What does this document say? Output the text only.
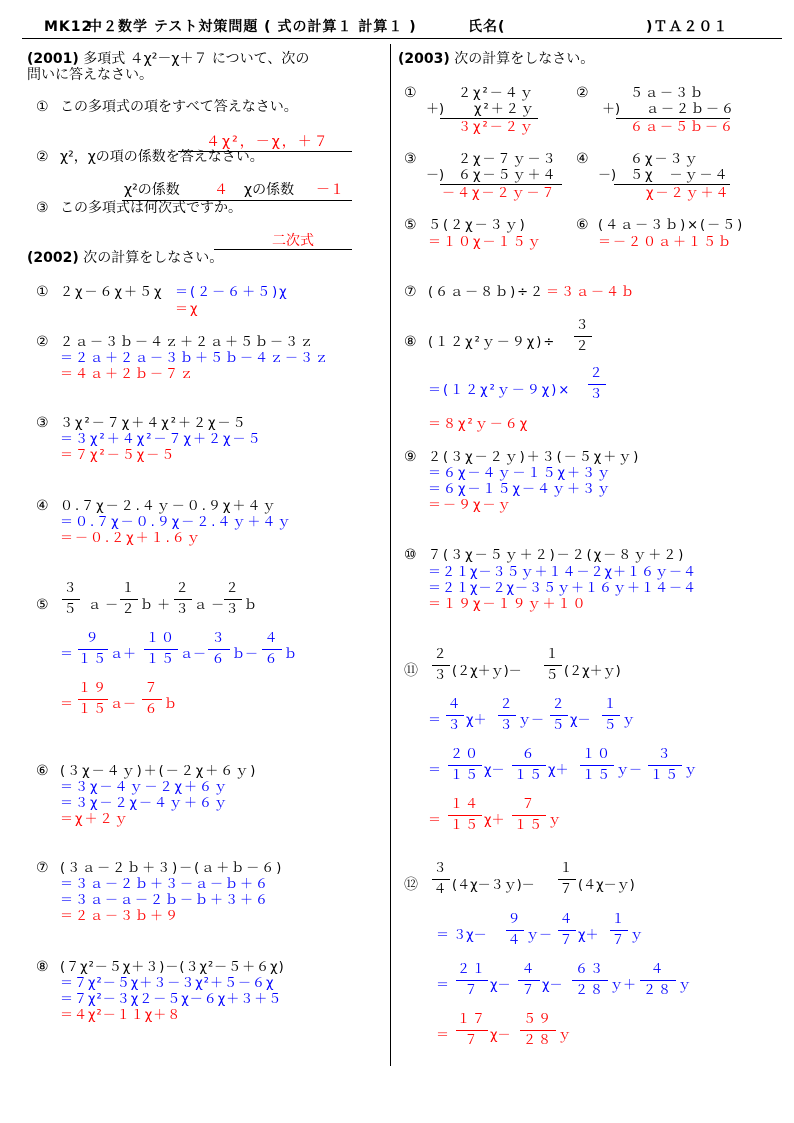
MK12
中２数学 テスト対策問題 ( 式の計算１ 計算１ )	氏名(	)ＴＡ２０１
(2001) 多項式 ４χ²－χ＋７ について、次の
問いに答えなさい。
① この多項式の項をすべて答えなさい。
４χ²，－χ，＋７
② χ²，χの項の係数を答えなさい。
χ²の係数 ４ χの係数 －１
③ この多項式は何次式ですか。
二次式
(2002) 次の計算をしなさい。
① ２χ－６χ＋５χ ＝(２－６＋５)χ
＝χ
② ２ａ－３ｂ－４ｚ＋２ａ＋５ｂ－３ｚ
＝２ａ＋２ａ－３ｂ＋５ｂ－４ｚ－３ｚ
＝４ａ＋２ｂ－７ｚ
③ ３χ²－７χ＋４χ²＋２χ－５
＝３χ²＋４χ²－７χ＋２χ－５
＝７χ²－５χ－５
④ ０.７χ－２.４ｙ－０.９χ＋４ｙ
＝０.７χ－０.９χ－２.４ｙ＋４ｙ
＝－０.２χ＋１.６ｙ
⑤
３
５ ａ －
１
２ ｂ ＋
２
３ ａ －
２
３ ｂ
＝
９
１５ ａ＋
１０
１５ ａ－
３
６ ｂ－
４
６ ｂ
＝
１９
１５ ａ－
７
６ ｂ
⑥ (３χ－４ｙ)＋(－２χ＋６ｙ)
＝３χ－４ｙ－２χ＋６ｙ
＝３χ－２χ－４ｙ＋６ｙ
＝χ＋２ｙ
⑦ (３ａ－２ｂ＋３)－(ａ＋ｂ－６)
＝３ａ－２ｂ＋３－ａ－ｂ＋６
＝３ａ－ａ－２ｂ－ｂ＋３＋６
＝２ａ－３ｂ＋９
⑧ (７χ²－５χ＋３)－(３χ²－５＋６χ)
＝７χ²－５χ＋３－３χ²＋５－６χ
＝７χ²－３χ２－５χ－６χ＋３＋５
＝４χ²－１１χ＋８
(2003) 次の計算をしなさい。
①	２χ²－４ｙ
＋) χ²＋２ｙ
３χ²－２ｙ
②	５ａ－３ｂ
＋) ａ－２ｂ－６
６ａ－５ｂ－６
③	２χ－７ｙ－３
－) ６χ－５ｙ＋４
－４χ－２ｙ－７
④	６χ－３ｙ
－) ５χ　－ｙ－４
χ－２ｙ＋４
⑤ ５(２χ－３ｙ)
＝１０χ－１５ｙ
⑥ (４ａ－３ｂ)×(－５)
＝－２０ａ＋１５ｂ
⑦ (６ａ－８ｂ)÷２ ＝３ａ－４ｂ
⑧ (１２χ²ｙ－９χ)÷
３
２
＝(１２χ²ｙ－９χ)×
２
３
＝８χ²ｙ－６χ
⑨ ２(３χ－２ｙ)＋３(－５χ＋ｙ)
＝６χ－４ｙ－１５χ＋３ｙ
＝６χ－１５χ－４ｙ＋３ｙ
＝－９χ－ｙ
⑩ ７(３χ－５ｙ＋２)－２(χ－８ｙ＋２)
＝２１χ－３５ｙ＋１４－２χ＋１６ｙ－４
＝２１χ－２χ－３５ｙ＋１６ｙ＋１４－４
＝１９χ－１９ｙ＋１０
⑪
２
３ (２χ＋ｙ)－
１
５ (２χ＋ｙ)
＝
４
３ χ＋
２
３ ｙ－
２
５ χ－
１
５ ｙ
＝
２０
１５ χ－
６
１５ χ＋
１０
１５ ｙ－
３
１５ ｙ
＝
１４
１５ χ＋
７
１５ ｙ
⑫
３
４ (４χ－３ｙ)－
１
７ (４χ－ｙ)
＝ ３χ－
９
４ ｙ－
４
７ χ＋
１
７ ｙ
＝
２１
７ χ－
４
７ χ－
６３
２８ ｙ＋
４
２８ ｙ
＝
１７
７ χ－
５９
２８ ｙ
